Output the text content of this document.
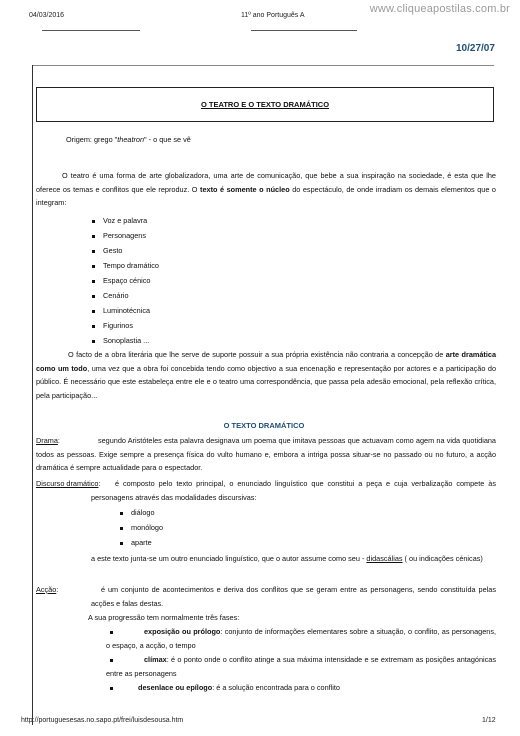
04/03/2016	11º ano Português A
www.cliqueapostilas.com.br
10/27/07
O TEATRO E O TEXTO DRAMÁTICO
Origem: grego "theatron" - o que se vê
O teatro é uma forma de arte globalizadora, uma arte de comunicação, que bebe a sua inspiração na sociedade, é esta que lhe oferece os temas e conflitos que ele reproduz. O texto é somente o núcleo do espectáculo, de onde irradiam os demais elementos que o integram:
Voz e palavra
Personagens
Gesto
Tempo dramático
Espaço cénico
Cenário
Luminotécnica
Figurinos
Sonoplastia ...
O facto de a obra literária que lhe serve de suporte possuir a sua própria existência não contraria a concepção de arte dramática como um todo, uma vez que a obra foi concebida tendo como objectivo a sua encenação e representação por actores e a participação do público. É necessário que este estabeleça entre ele e o teatro uma correspondência, que passa pela adesão emocional, pela reflexão crítica, pela participação...
O TEXTO DRAMÁTICO
Drama:	segundo Aristóteles esta palavra designava um poema que imitava pessoas que actuavam como agem na vida quotidiana todos as pessoas. Exige sempre a presença física do vulto humano e, embora a intriga possa situar-se no passado ou no futuro, a acção dramática é sempre actualidade para o espectador.
Discurso dramático:	é composto pelo texto principal, o enunciado linguístico que constitui a peça e cuja verbalização compete às personagens através das modalidades discursivas:
diálogo
monólogo
aparte
a este texto junta-se um outro enunciado linguístico, que o autor assume como seu - didascálias ( ou indicações cénicas)
Acção:	é um conjunto de acontecimentos e deriva dos conflitos que se geram entre as personagens, sendo constituída pelas acções e falas destas.
A sua progressão tem normalmente três fases:
exposição ou prólogo: conjunto de informações elementares sobre a situação, o conflito, as personagens, o espaço, a acção, o tempo
clímax: é o ponto onde o conflito atinge a sua máxima intensidade e se extremam as posições antagónicas entre as personagens
desenlace ou epílogo: é a solução encontrada para o conflito
http://portuguesesas.no.sapo.pt/frei/luisdesousa.htm	1/12
